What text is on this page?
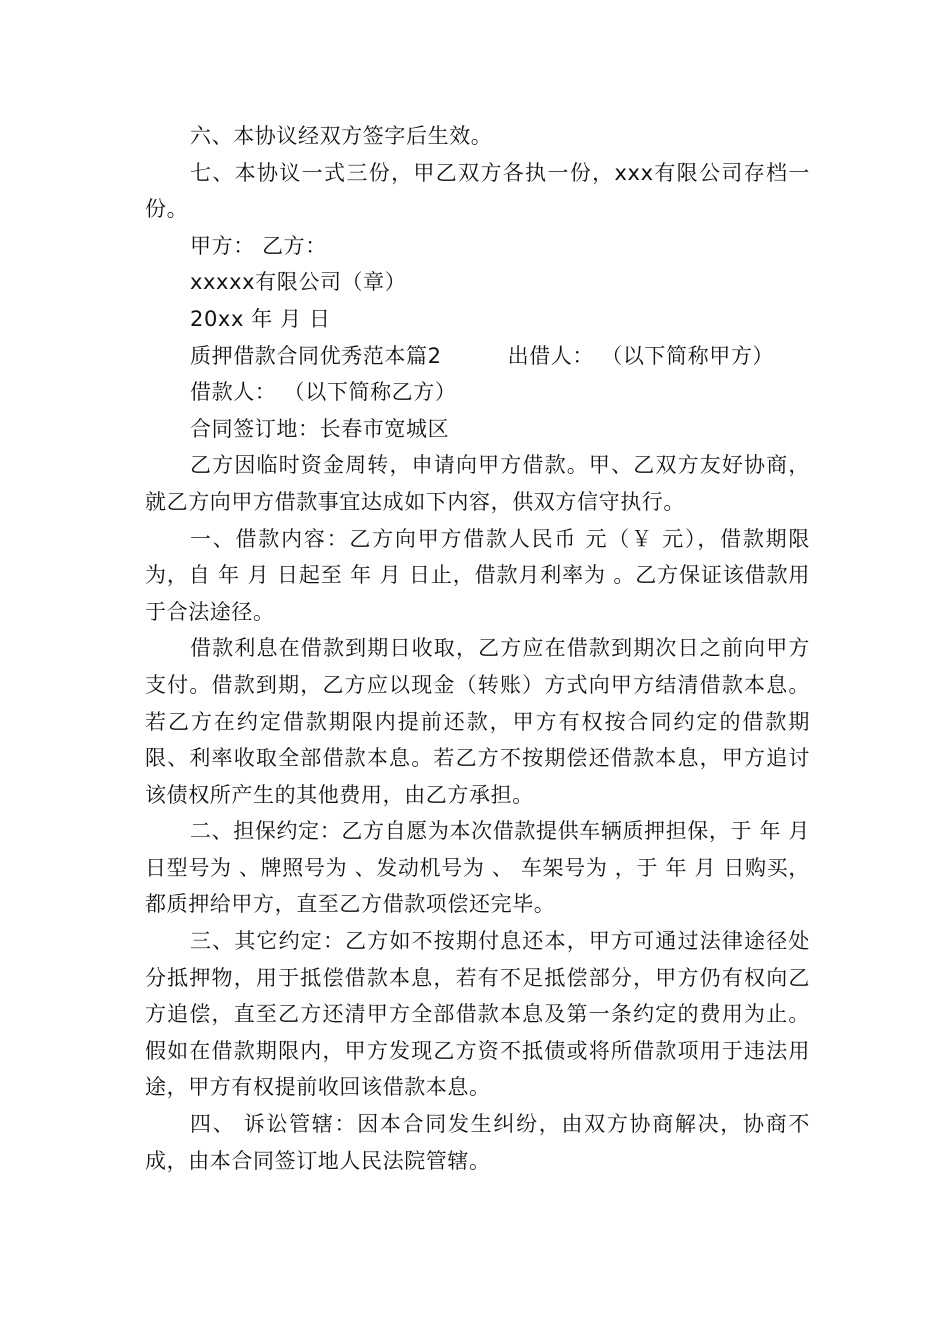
六、本协议经双方签字后生效。

七、本协议一式三份，甲乙双方各执一份，xxx有限公司存档一份。

甲方： 乙方：

xxxxx有限公司（章）

20xx 年 月 日

质押借款合同优秀范本篇2	出借人： （以下简称甲方）

借款人： （以下简称乙方）

合同签订地：长春市宽城区

乙方因临时资金周转，申请向甲方借款。甲、乙双方友好协商，就乙方向甲方借款事宜达成如下内容，供双方信守执行。

一、借款内容：乙方向甲方借款人民币 元（￥ 元），借款期限为，自 年 月 日起至 年 月 日止，借款月利率为 。乙方保证该借款用于合法途径。

借款利息在借款到期日收取，乙方应在借款到期次日之前向甲方支付。借款到期，乙方应以现金（转账）方式向甲方结清借款本息。若乙方在约定借款期限内提前还款，甲方有权按合同约定的借款期限、利率收取全部借款本息。若乙方不按期偿还借款本息，甲方追讨该债权所产生的其他费用，由乙方承担。

二、担保约定：乙方自愿为本次借款提供车辆质押担保，于 年 月 日型号为 、牌照号为 、发动机号为 、 车架号为 ，于 年 月 日购买，都质押给甲方，直至乙方借款项偿还完毕。

三、其它约定：乙方如不按期付息还本，甲方可通过法律途径处分抵押物，用于抵偿借款本息，若有不足抵偿部分，甲方仍有权向乙方追偿，直至乙方还清甲方全部借款本息及第一条约定的费用为止。假如在借款期限内，甲方发现乙方资不抵债或将所借款项用于违法用途，甲方有权提前收回该借款本息。

四、 诉讼管辖：因本合同发生纠纷，由双方协商解决，协商不成，由本合同签订地人民法院管辖。
